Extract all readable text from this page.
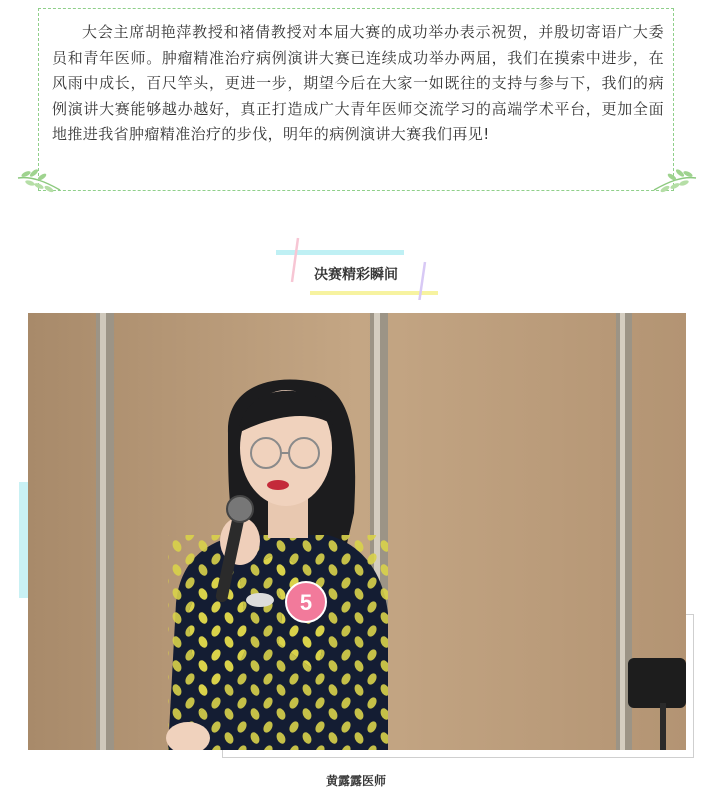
大会主席胡艳萍教授和褚倩教授对本届大赛的成功举办表示祝贺，并殷切寄语广大委员和青年医师。肿瘤精准治疗病例演讲大赛已连续成功举办两届，我们在摸索中进步，在风雨中成长，百尺竿头，更进一步，期望今后在大家一如既往的支持与参与下，我们的病例演讲大赛能够越办越好，真正打造成广大青年医师交流学习的高端学术平台，更加全面地推进我省肿瘤精准治疗的步伐，明年的病例演讲大赛我们再见!

决赛精彩瞬间
5
黄露露医师
